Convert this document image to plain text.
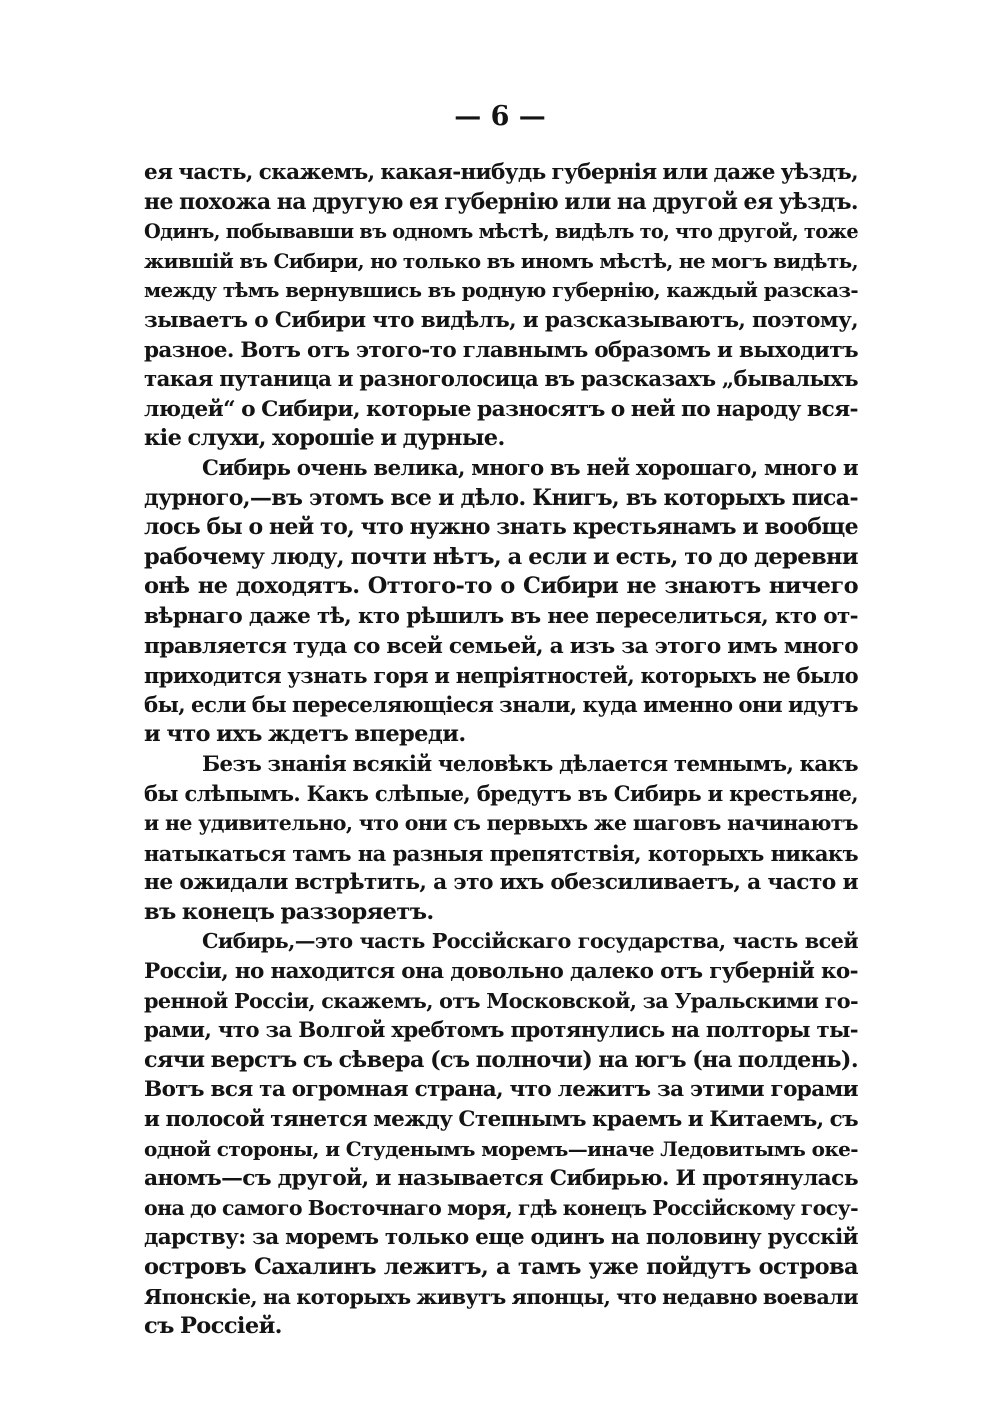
— 6 —
ея часть, скажемъ, какая-нибудь губернія или даже уѣздъ,
не похожа на другую ея губернію или на другой ея уѣздъ.
Одинъ, побывавши въ одномъ мѣстѣ, видѣлъ то, что другой, тоже
жившій въ Сибири, но только въ иномъ мѣстѣ, не могъ видѣть,
между тѣмъ вернувшись въ родную губернію, каждый разсказ-
зываетъ о Сибири что видѣлъ, и разсказываютъ, поэтому,
разное. Вотъ отъ этого-то главнымъ образомъ и выходитъ
такая путаница и разноголосица въ разсказахъ „бывалыхъ
людей“ о Сибири, которые разносятъ о ней по народу вся-
кіе слухи, хорошіе и дурные.
Сибирь очень велика, много въ ней хорошаго, много и
дурного,—въ этомъ все и дѣло. Книгъ, въ которыхъ писа-
лось бы о ней то, что нужно знать крестьянамъ и вообще
рабочему люду, почти нѣтъ, а если и есть, то до деревни
онѣ не доходятъ. Оттого-то о Сибири не знаютъ ничего
вѣрнаго даже тѣ, кто рѣшилъ въ нее переселиться, кто от-
правляется туда со всей семьей, а изъ за этого имъ много
приходится узнать горя и непріятностей, которыхъ не было
бы, если бы переселяющіеся знали, куда именно они идутъ
и что ихъ ждетъ впереди.
Безъ знанія всякій человѣкъ дѣлается темнымъ, какъ
бы слѣпымъ. Какъ слѣпые, бредутъ въ Сибирь и крестьяне,
и не удивительно, что они съ первыхъ же шаговъ начинаютъ
натыкаться тамъ на разныя препятствія, которыхъ никакъ
не ожидали встрѣтить, а это ихъ обезсиливаетъ, а часто и
въ конецъ раззоряетъ.
Сибирь,—это часть Россійскаго государства, часть всей
Россіи, но находится она довольно далеко отъ губерній ко-
ренной Россіи, скажемъ, отъ Московской, за Уральскими го-
рами, что за Волгой хребтомъ протянулись на полторы ты-
сячи верстъ съ сѣвера (съ полночи) на югъ (на полдень).
Вотъ вся та огромная страна, что лежитъ за этими горами
и полосой тянется между Степнымъ краемъ и Китаемъ, съ
одной стороны, и Студенымъ моремъ—иначе Ледовитымъ оке-
аномъ—съ другой, и называется Сибирью. И протянулась
она до самого Восточнаго моря, гдѣ конецъ Россійскому госу-
дарству: за моремъ только еще одинъ на половину русскій
островъ Сахалинъ лежитъ, а тамъ уже пойдутъ острова
Японскіе, на которыхъ живутъ японцы, что недавно воевали
съ Россіей.
